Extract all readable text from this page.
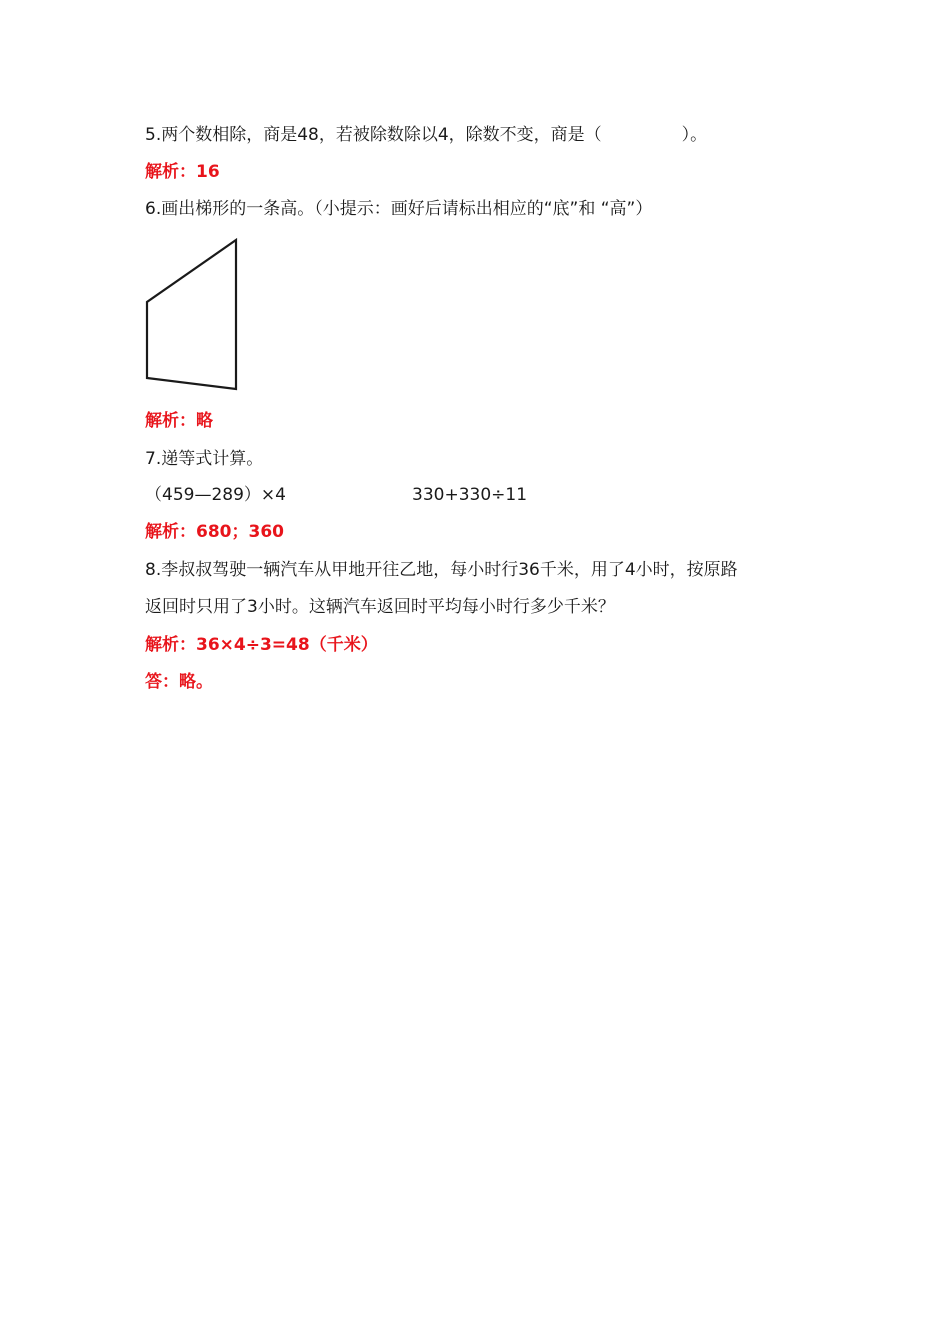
5.两个数相除，商是48，若被除数除以4，除数不变，商是（	）。
解析：16
6.画出梯形的一条高。（小提示：画好后请标出相应的“底”和 “高”）
解析：略
7.递等式计算。
（459—289）×4	330+330÷11
解析：680；360
8.李叔叔驾驶一辆汽车从甲地开往乙地，每小时行36千米，用了4小时，按原路
返回时只用了3小时。这辆汽车返回时平均每小时行多少千米？
解析：36×4÷3=48（千米）
答：略。
